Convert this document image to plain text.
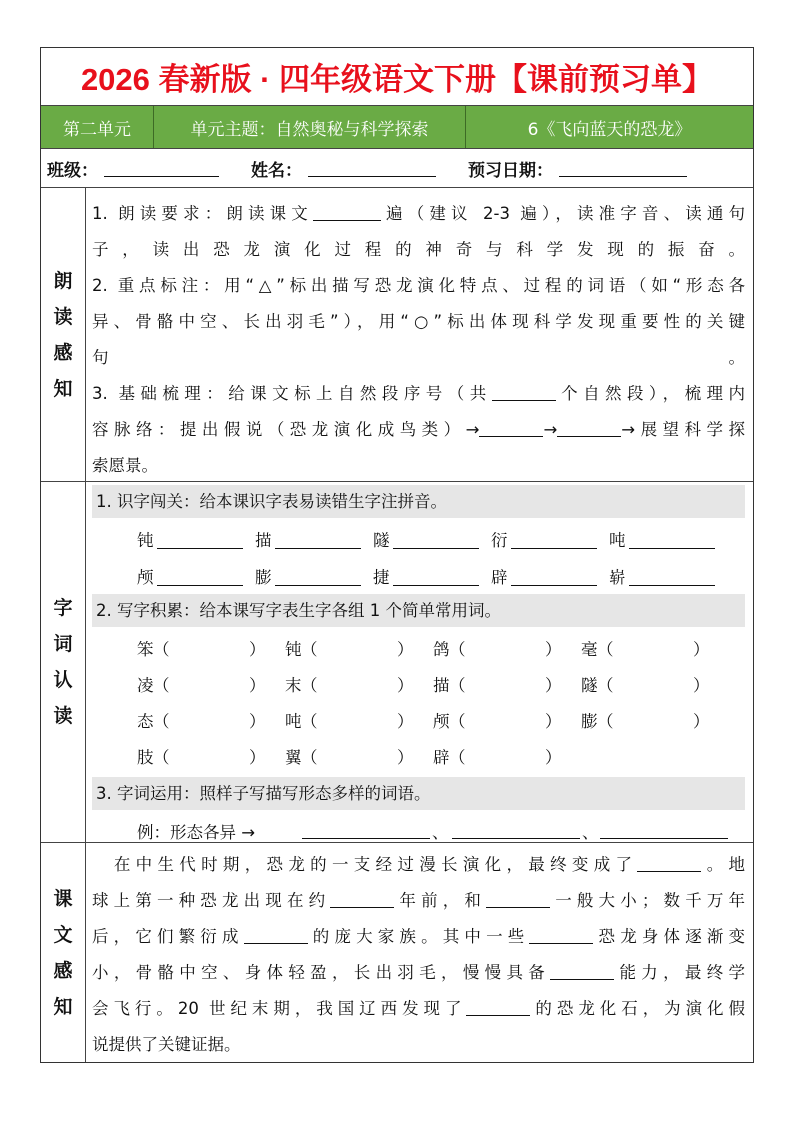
2026 春新版 · 四年级语文下册【课前预习单】
第二单元	单元主题：自然奥秘与科学探索	6《飞向蓝天的恐龙》
班级：	姓名：	预习日期：
朗
读
感
知
1. 朗读要求：朗读课文	遍（建议 2-3 遍），读准字音、读通句
子，读出恐龙演化过程的神奇与科学发现的振奋。
2. 重点标注：用“△”标出描写恐龙演化特点、过程的词语（如“形态各
异、骨骼中空、长出羽毛”），用“○”标出体现科学发现重要性的关键
句。
3. 基础梳理：给课文标上自然段序号（共	个自然段），梳理内
容脉络：提出假说（恐龙演化成鸟类）→	→	→展望科学探
索愿景。
字
词
认
读
1. 识字闯关：给本课识字表易读错生字注拼音。
钝	描	隧	衍	吨
颅	膨	捷	辟	崭
2. 写字积累：给本课写字表生字各组 1 个简单常用词。
笨 （	） 钝 （	） 鸽 （	） 毫 （	）
凌 （	） 末 （	） 描 （	） 隧 （	）
态 （	） 吨 （	） 颅 （	） 膨 （	）
肢 （	） 翼 （	） 辟 （	）
3. 字词运用：照样子写描写形态多样的词语。
例：形态各异 →	、	、
课
文
感
知
　在中生代时期，恐龙的一支经过漫长演化，最终变成了	。地
球上第一种恐龙出现在约	年前，和	一般大小；数千万年
后，它们繁衍成	的庞大家族。其中一些	恐龙身体逐渐变
小，骨骼中空、身体轻盈，长出羽毛，慢慢具备	能力，最终学
会飞行。20 世纪末期，我国辽西发现了	的恐龙化石，为演化假
说提供了关键证据。
